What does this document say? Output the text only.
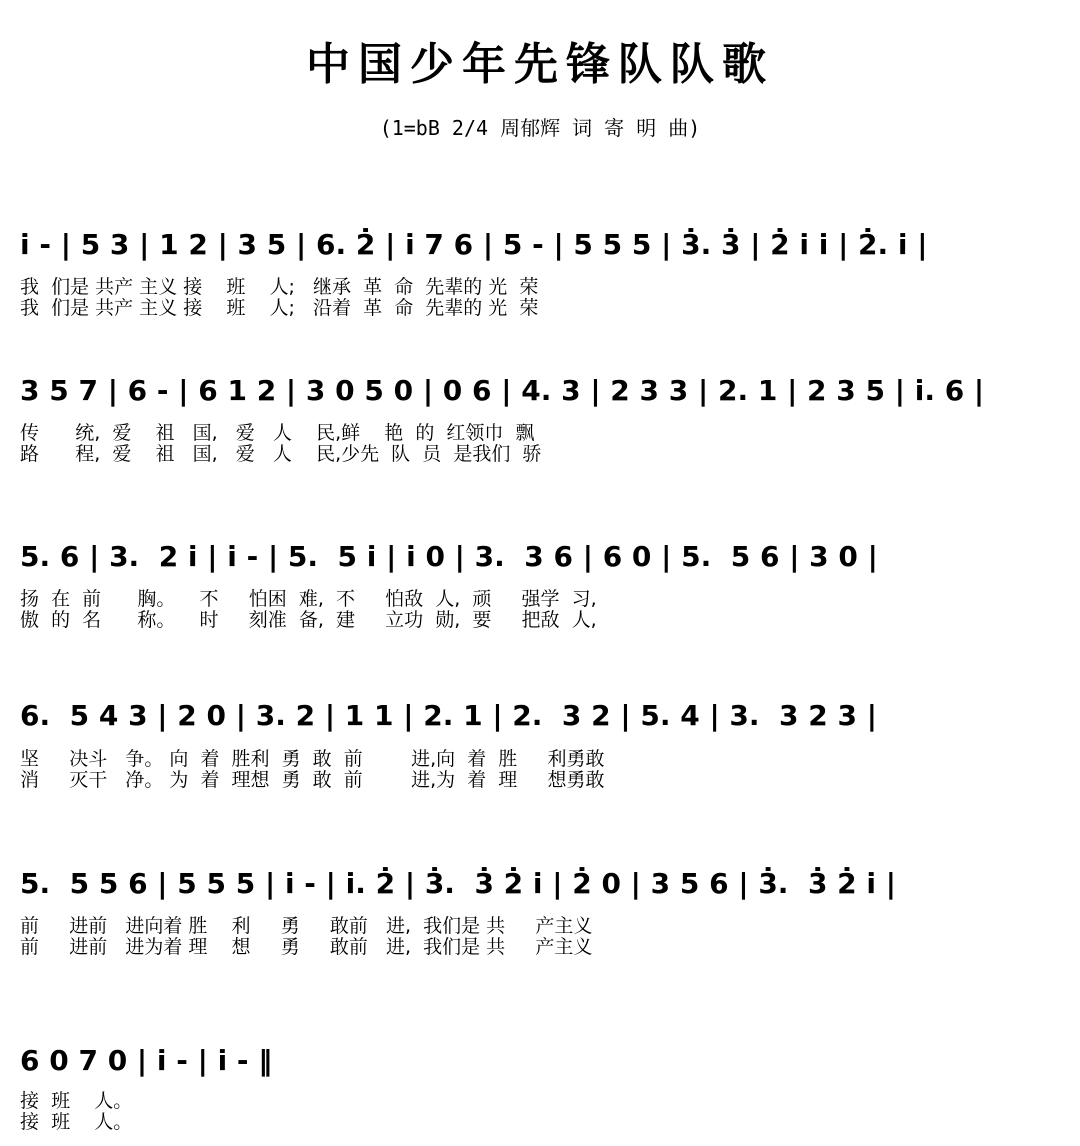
中国少年先锋队队歌
(1=bB 2/4 周郁辉 词 寄 明 曲)
i̇ - | 5 3 | 1 2 | 3 5 | 6. 2̇ | i̇ 7 6 | 5 - | 5 5 5 | 3̇. 3̇ | 2̇ i̇ i̇ | 2̇. i̇ |
我  们是 共产 主义 接    班    人;   继承  革  命  先辈的 光  荣
我  们是 共产 主义 接    班    人;   沿着  革  命  先辈的 光  荣
3 5 7 | 6 - | 6 1 2 | 3 0 5 0 | 0 6 | 4. 3 | 2 3 3 | 2. 1 | 2 3 5 | i̇. 6 |
传      统,  爱    祖   国,   爱   人    民,鲜    艳  的  红领巾  飘
路      程,  爱    祖   国,   爱   人    民,少先  队  员  是我们  骄
5. 6 | 3.  2 i̇ | i̇ - | 5.  5 i̇ | i̇ 0 | 3.  3 6 | 6 0 | 5.  5 6 | 3 0 |
扬  在  前      胸。    不     怕困  难,  不     怕敌  人,  顽     强学  习,
傲  的  名      称。    时     刻准  备,  建     立功  勋,  要     把敌  人,
6.  5 4 3 | 2 0 | 3. 2 | 1 1 | 2. 1 | 2.  3 2 | 5. 4 | 3.  3 2 3 |
坚     决斗   争。 向  着  胜利  勇  敢  前        进,向  着  胜     利勇敢
消     灭干   净。 为  着  理想  勇  敢  前        进,为  着  理     想勇敢
5.  5 5 6 | 5 5 5 | i̇ - | i̇. 2̇ | 3̇.  3̇ 2̇ i̇ | 2̇ 0 | 3 5 6 | 3̇.  3̇ 2̇ i̇ |
前     进前   进向着 胜    利     勇     敢前   进,  我们是 共     产主义
前     进前   进为着 理    想     勇     敢前   进,  我们是 共     产主义
6 0 7 0 | i̇ - | i̇ - ‖
接  班    人。
接  班    人。
